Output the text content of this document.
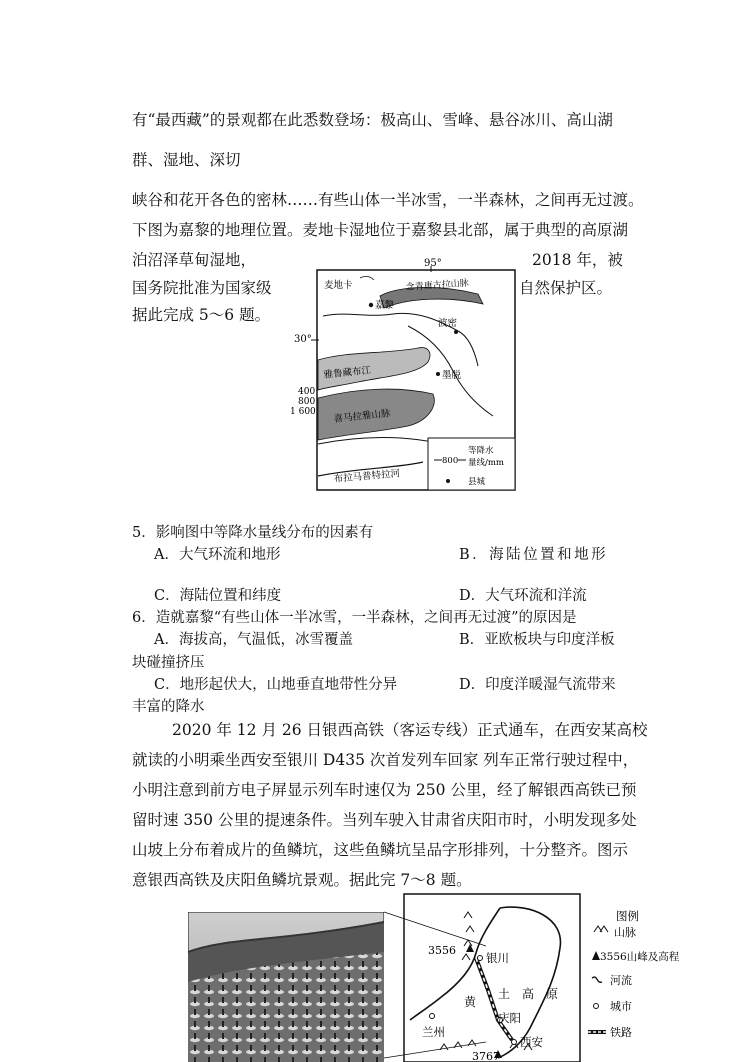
有“最西藏”的景观都在此悉数登场：极高山、雪峰、悬谷冰川、高山湖
群、湿地、深切
峡谷和花开各色的密林……有些山体一半冰雪，一半森林，之间再无过渡。
下图为嘉黎的地理位置。麦地卡湿地位于嘉黎县北部，属于典型的高原湖
泊沼泽草甸湿地，	2018 年，被
国务院批准为国家级	自然保护区。
据此完成 5～6 题。
95°
30°
念青唐古拉山脉
麦地卡
嘉黎
波密
墨脱
雅鲁藏布江
喜马拉雅山脉
400
800
1 600
布拉马普特拉河
800
等降水
量线/mm
县城
5．影响图中等降水量线分布的因素有
A．大气环流和地形	B．海陆位置和地形
C．海陆位置和纬度	D．大气环流和洋流
6．造就嘉黎“有些山体一半冰雪，一半森林，之间再无过渡”的原因是
A．海拔高，气温低，冰雪覆盖	B．亚欧板块与印度洋板
块碰撞挤压
C．地形起伏大，山地垂直地带性分异	D．印度洋暖湿气流带来
丰富的降水
2020 年 12 月 26 日银西高铁（客运专线）正式通车，在西安某高校
就读的小明乘坐西安至银川 D435 次首发列车回家 列车正常行驶过程中，
小明注意到前方电子屏显示列车时速仅为 250 公里，经了解银西高铁已预
留时速 350 公里的提速条件。当列车驶入甘肃省庆阳市时，小明发现多处
山坡上分布着成片的鱼鳞坑，这些鱼鳞坑呈品字形排列，十分整齐。图示
意银西高铁及庆阳鱼鳞坑景观。据此完 7～8 题。
3556
3767
银川
兰州
庆阳
西安
黄
土 高 原
图例
山脉
3556山峰及高程
河流
城市
铁路
